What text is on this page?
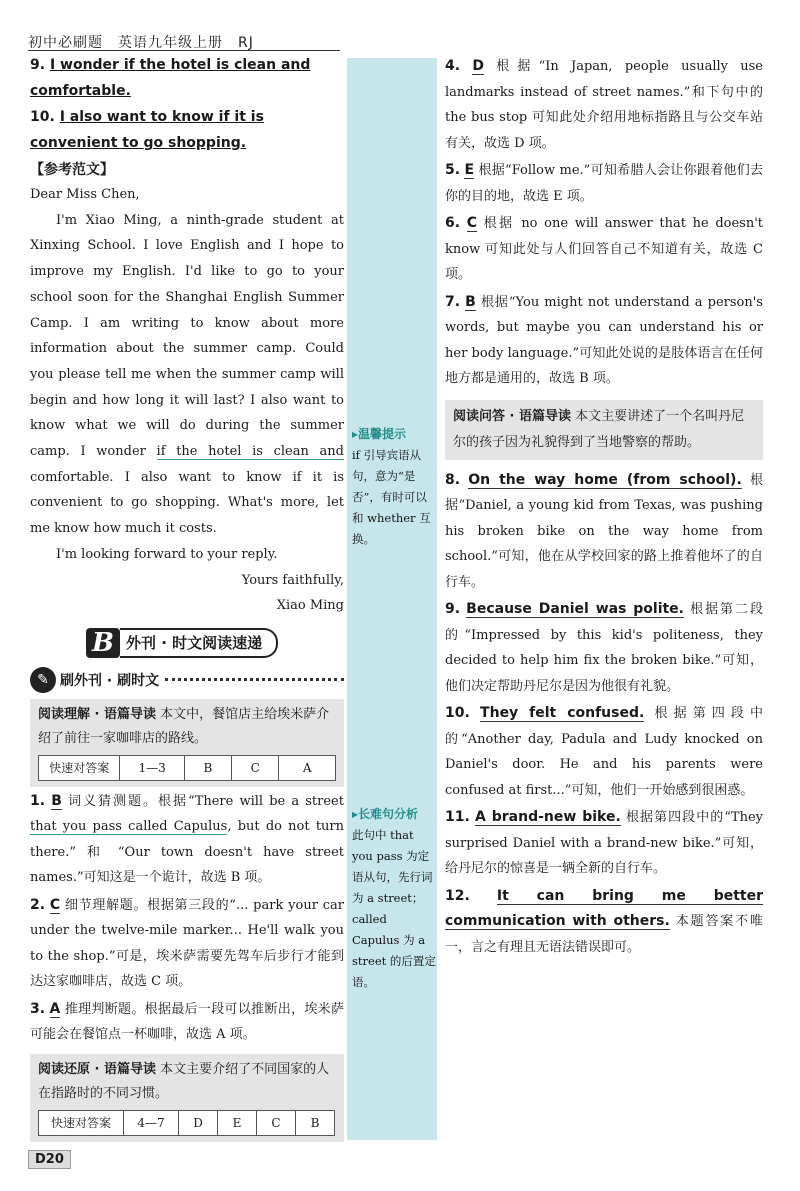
初中必刷题　英语九年级上册　RJ
9. I wonder if the hotel is clean and comfortable.
10. I also want to know if it is convenient to go shopping.
【参考范文】
Dear Miss Chen,
I'm Xiao Ming, a ninth-grade student at Xinxing School. I love English and I hope to improve my English. I'd like to go to your school soon for the Shanghai English Summer Camp. I am writing to know about more information about the summer camp. Could you please tell me when the summer camp will begin and how long it will last? I also want to know what we will do during the summer camp. I wonder if the hotel is clean and comfortable. I also want to know if it is convenient to go shopping. What's more, let me know how much it costs.
I'm looking forward to your reply.
Yours faithfully,
Xiao Ming
B 外刊 · 时文阅读速递
✎ 刷外刊 · 刷时文
阅读理解 · 语篇导读 本文中，餐馆店主给埃米萨介绍了前往一家咖啡店的路线。
快速对答案	1—3	B	C	A
1. B 词义猜测题。根据“There will be a street that you pass called Capulus, but do not turn there.” 和 “Our town doesn't have street names.”可知这是一个诡计，故选 B 项。
2. C 细节理解题。根据第三段的“... park your car under the twelve-mile marker... He'll walk you to the shop.”可是，埃米萨需要先驾车后步行才能到达这家咖啡店，故选 C 项。
3. A 推理判断题。根据最后一段可以推断出，埃米萨可能会在餐馆点一杯咖啡，故选 A 项。
阅读还原 · 语篇导读 本文主要介绍了不同国家的人在指路时的不同习惯。
快速对答案	4—7	D	E	C	B
▸温馨提示
if 引导宾语从句，意为“是否”，有时可以和 whether 互换。
▸长难句分析
此句中 that you pass 为定语从句，先行词为 a street；called Capulus 为 a street 的后置定语。
4. D 根据“In Japan, people usually use landmarks instead of street names.”和下句中的 the bus stop 可知此处介绍用地标指路且与公交车站有关，故选 D 项。
5. E 根据“Follow me.”可知希腊人会让你跟着他们去你的目的地，故选 E 项。
6. C 根据 no one will answer that he doesn't know 可知此处与人们回答自己不知道有关，故选 C 项。
7. B 根据“You might not understand a person's words, but maybe you can understand his or her body language.”可知此处说的是肢体语言在任何地方都是通用的，故选 B 项。
阅读问答 · 语篇导读 本文主要讲述了一个名叫丹尼尔的孩子因为礼貌得到了当地警察的帮助。
8. On the way home (from school). 根据“Daniel, a young kid from Texas, was pushing his broken bike on the way home from school.”可知，他在从学校回家的路上推着他坏了的自行车。
9. Because Daniel was polite. 根据第二段的“Impressed by this kid's politeness, they decided to help him fix the broken bike.”可知，他们决定帮助丹尼尔是因为他很有礼貌。
10. They felt confused. 根据第四段中的“Another day, Padula and Ludy knocked on Daniel's door. He and his parents were confused at first...”可知，他们一开始感到很困惑。
11. A brand-new bike. 根据第四段中的“They surprised Daniel with a brand-new bike.”可知，给丹尼尔的惊喜是一辆全新的自行车。
12. It can bring me better communication with others. 本题答案不唯一，言之有理且无语法错误即可。
D20
